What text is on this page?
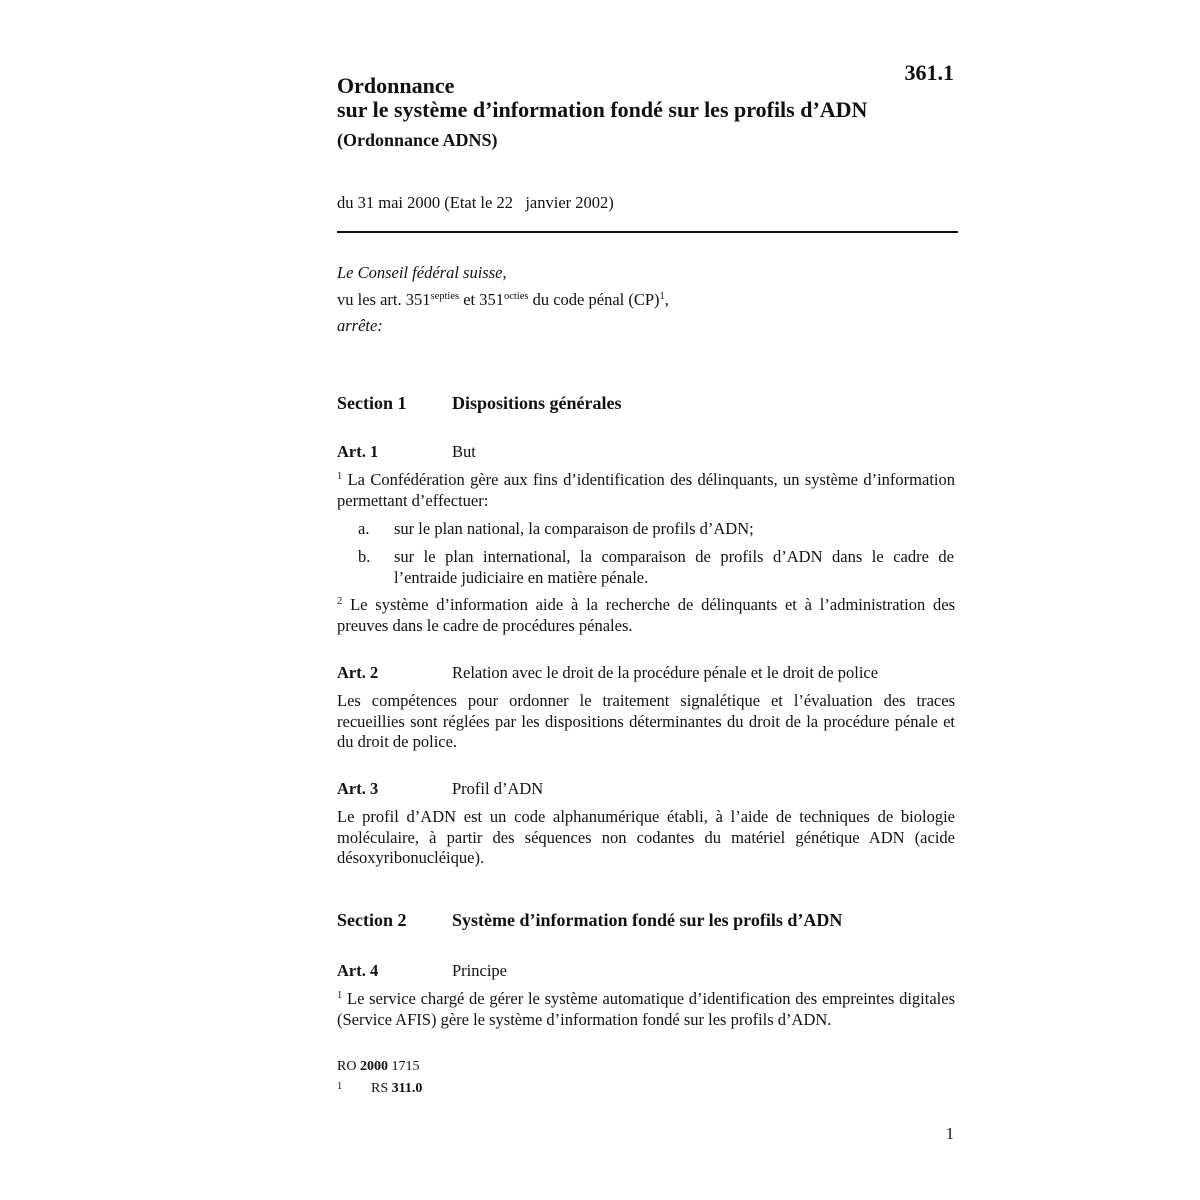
361.1
Ordonnance
sur le système d’information fondé sur les profils d’ADN
(Ordonnance ADNS)
du 31 mai 2000 (Etat le 22   janvier 2002)
Le Conseil fédéral suisse,
vu les art. $351^{septies}$ et $351^{octies}$ du code pénal (CP)$^1$,
arrête:
Section 1	Dispositions générales
Art. 1	But
$^1$ La Confédération gère aux fins d’identification des délinquants, un système d’information permettant d’effectuer:
a. sur le plan national, la comparaison de profils d’ADN;
b. sur le plan international, la comparaison de profils d’ADN dans le cadre de l’entraide judiciaire en matière pénale.
$^2$ Le système d’information aide à la recherche de délinquants et à l’administration des preuves dans le cadre de procédures pénales.
Art. 2	Relation avec le droit de la procédure pénale et le droit de police
Les compétences pour ordonner le traitement signalétique et l’évaluation des traces recueillies sont réglées par les dispositions déterminantes du droit de la procédure pénale et du droit de police.
Art. 3	Profil d’ADN
Le profil d’ADN est un code alphanumérique établi, à l’aide de techniques de biologie moléculaire, à partir des séquences non codantes du matériel génétique ADN (acide désoxyribonucléique).
Section 2	Système d’information fondé sur les profils d’ADN
Art. 4	Principe
$^1$ Le service chargé de gérer le système automatique d’identification des empreintes digitales (Service AFIS) gère le système d’information fondé sur les profils d’ADN.
RO 2000 1715

1

RS 311.0

1
